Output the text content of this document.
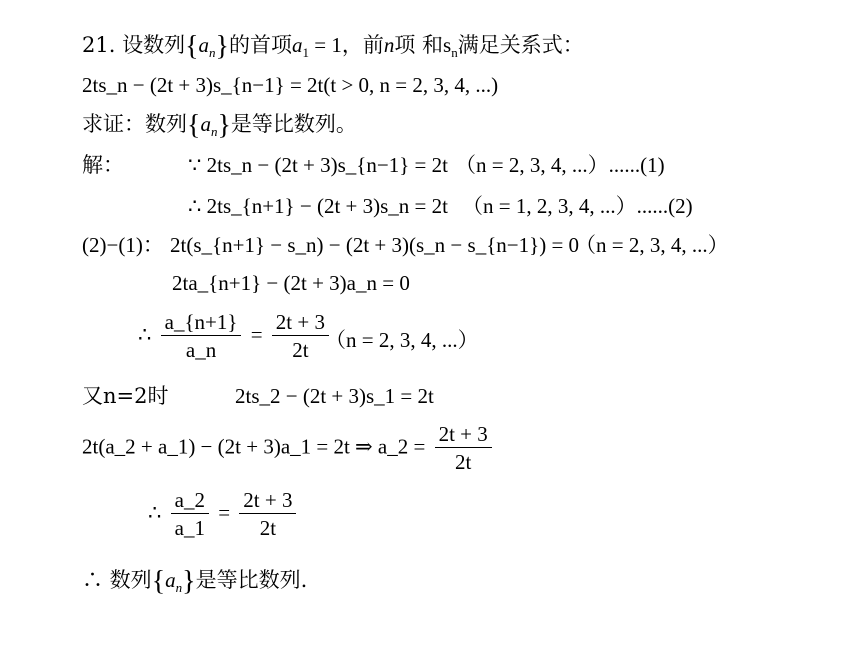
21. 设数列$\{a_n\}$的首项$a_1 = 1$，前n项 和$s_n$满足关系式：
2ts_n − (2t + 3)s_{n−1} = 2t(t > 0, n = 2, 3, 4, ...)
求证：数列$\{a_n\}$是等比数列。
解：	∵ 2ts_n − (2t + 3)s_{n−1} = 2t （n = 2, 3, 4, ...）......(1)
∴ 2ts_{n+1} − (2t + 3)s_n = 2t （n = 1, 2, 3, 4, ...）......(2)
(2)−(1)： 2t(s_{n+1} − s_n) − (2t + 3)(s_n − s_{n−1}) = 0
（n = 2, 3, 4, ...）
2ta_{n+1} − (2t + 3)a_n = 0
∴ $\frac{a\_\{n+1\}}{a\_n} = \frac{2t + 3}{2t}$
（n = 2, 3, 4, ...）
又n=2时	2ts_2 − (2t + 3)s_1 = 2t
2t(a_2 + a_1) − (2t + 3)a_1 = 2t ⇒ a_2 = $\frac{2t + 3}{2t}$
∴ $\frac{a\_2}{a\_1} = \frac{2t + 3}{2t}$
∴ 数列$\{a_n\}$是等比数列.
